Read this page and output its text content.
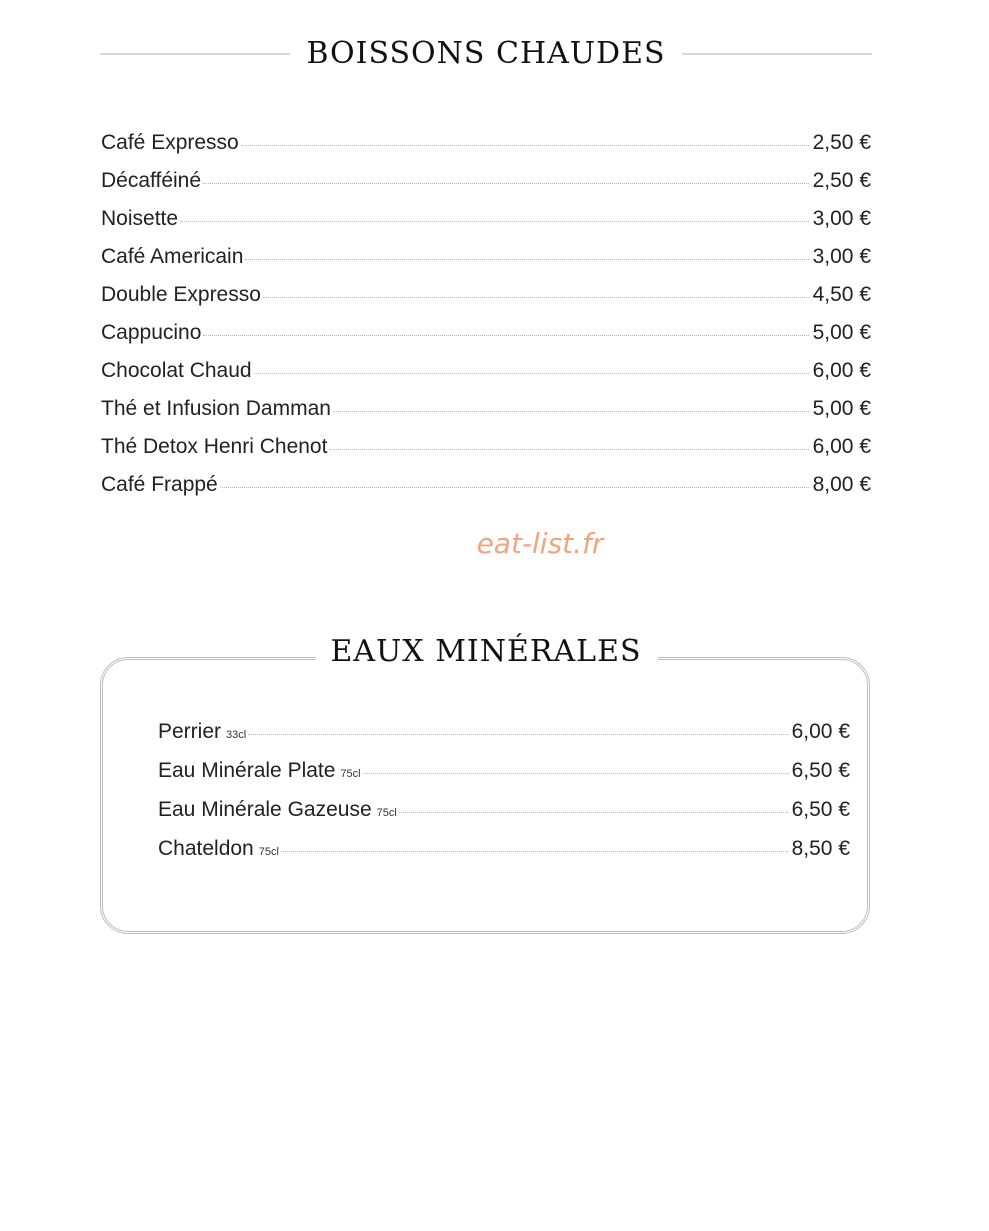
BOISSONS CHAUDES
Café Expresso	2,50 €
Décafféiné	2,50 €
Noisette	3,00 €
Café Americain	3,00 €
Double Expresso	4,50 €
Cappucino	5,00 €
Chocolat Chaud	6,00 €
Thé et Infusion Damman	5,00 €
Thé Detox Henri Chenot	6,00 €
Café Frappé	8,00 €
eat-list.fr
EAUX MINÉRALES
Perrier 33cl	6,00 €
Eau Minérale Plate 75cl	6,50 €
Eau Minérale Gazeuse 75cl	6,50 €
Chateldon 75cl	8,50 €
